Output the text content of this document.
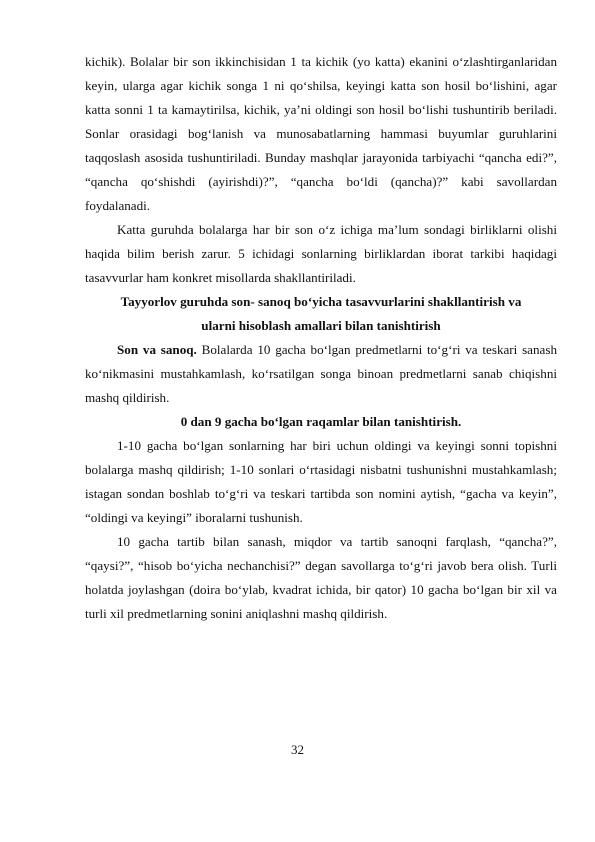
kichik). Bolalar bir son ikkinchisidan 1 ta kichik (yo katta) ekanini o‘zlashtirganlaridan keyin, ularga agar kichik songa 1 ni qo‘shilsa, keyingi katta son hosil bo‘lishini, agar katta sonni 1 ta kamaytirilsa, kichik, ya’ni oldingi son hosil bo‘lishi tushuntirib beriladi. Sonlar orasidagi bog‘lanish va munosabatlarning hammasi buyumlar guruhlarini taqqoslash asosida tushuntiriladi. Bunday mashqlar jarayonida tarbiyachi “qancha edi?”, “qancha qo‘shishdi (ayirishdi)?”, “qancha bo‘ldi (qancha)?” kabi savollardan foydalanadi.

Katta guruhda bolalarga har bir son o‘z ichiga ma’lum sondagi birliklarni olishi haqida bilim berish zarur. 5 ichidagi sonlarning birliklardan iborat tarkibi haqidagi tasavvurlar ham konkret misollarda shakllantiriladi.

Tayyorlov guruhda son- sanoq bo‘yicha tasavvurlarini shakllantirish va

ularni hisoblash amallari bilan tanishtirish

Son va sanoq. Bolalarda 10 gacha bo‘lgan predmetlarni to‘g‘ri va teskari sanash ko‘nikmasini mustahkamlash, ko‘rsatilgan songa binoan predmetlarni sanab chiqishni mashq qildirish.

0 dan 9 gacha bo‘lgan raqamlar bilan tanishtirish.

1-10 gacha bo‘lgan sonlarning har biri uchun oldingi va keyingi sonni topishni bolalarga mashq qildirish; 1-10 sonlari o‘rtasidagi nisbatni tushunishni mustahkamlash; istagan sondan boshlab to‘g‘ri va teskari tartibda son nomini aytish, “gacha va keyin”, “oldingi va keyingi” iboralarni tushunish.

10 gacha tartib bilan sanash, miqdor va tartib sanoqni farqlash, “qancha?”, “qaysi?”, “hisob bo‘yicha nechanchisi?” degan savollarga to‘g‘ri javob bera olish. Turli holatda joylashgan (doira bo‘ylab, kvadrat ichida, bir qator) 10 gacha bo‘lgan bir xil va turli xil predmetlarning sonini aniqlashni mashq qildirish.

32
